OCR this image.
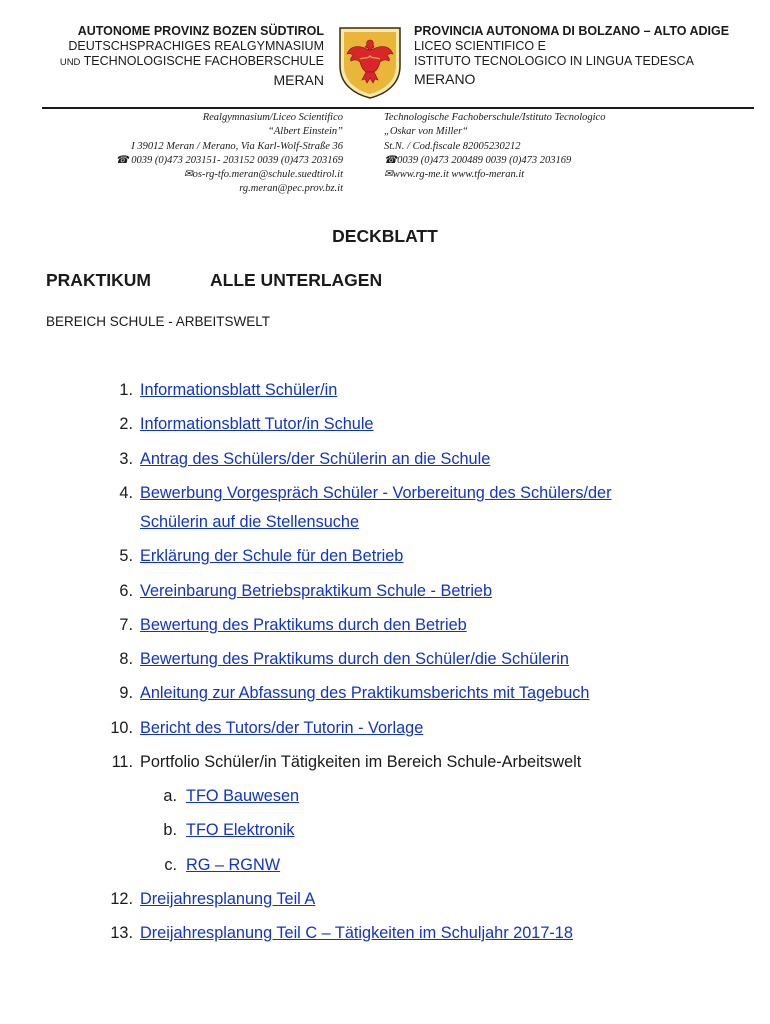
AUTONOME PROVINZ BOZEN SÜDTIROL
DEUTSCHSPRACHIGES REALGYMNASIUM
UND TECHNOLOGISCHE FACHOBERSCHULE
MERAN
PROVINCIA AUTONOMA DI BOLZANO – ALTO ADIGE
LICEO SCIENTIFICO E
ISTITUTO TECNOLOGICO IN LINGUA TEDESCA
MERANO
Realgymnasium/Liceo Scientifico
“Albert Einstein”
I 39012 Meran / Merano, Via Karl-Wolf-Straße 36
☎ 0039 (0)473 203151- 203152 0039 (0)473 203169
✉os-rg-tfo.meran@schule.suedtirol.it
rg.meran@pec.prov.bz.it
Technologische Fachoberschule/Istituto Tecnologico
„Oskar von Miller“
St.N. / Cod.fiscale 82005230212
☎0039 (0)473 200489 0039 (0)473 203169
✉www.rg-me.it www.tfo-meran.it
DECKBLATT
PRAKTIKUM	ALLE UNTERLAGEN
BEREICH SCHULE - ARBEITSWELT
1. Informationsblatt Schüler/in
2. Informationsblatt Tutor/in Schule
3. Antrag des Schülers/der Schülerin an die Schule
4. Bewerbung Vorgespräch Schüler - Vorbereitung des Schülers/der
Schülerin auf die Stellensuche
5. Erklärung der Schule für den Betrieb
6. Vereinbarung Betriebspraktikum Schule - Betrieb
7. Bewertung des Praktikums durch den Betrieb
8. Bewertung des Praktikums durch den Schüler/die Schülerin
9. Anleitung zur Abfassung des Praktikumsberichts mit Tagebuch
10. Bericht des Tutors/der Tutorin - Vorlage
11. Portfolio Schüler/in Tätigkeiten im Bereich Schule-Arbeitswelt
a. TFO Bauwesen
b. TFO Elektronik
c. RG – RGNW
12. Dreijahresplanung Teil A
13. Dreijahresplanung Teil C – Tätigkeiten im Schuljahr 2017-18
